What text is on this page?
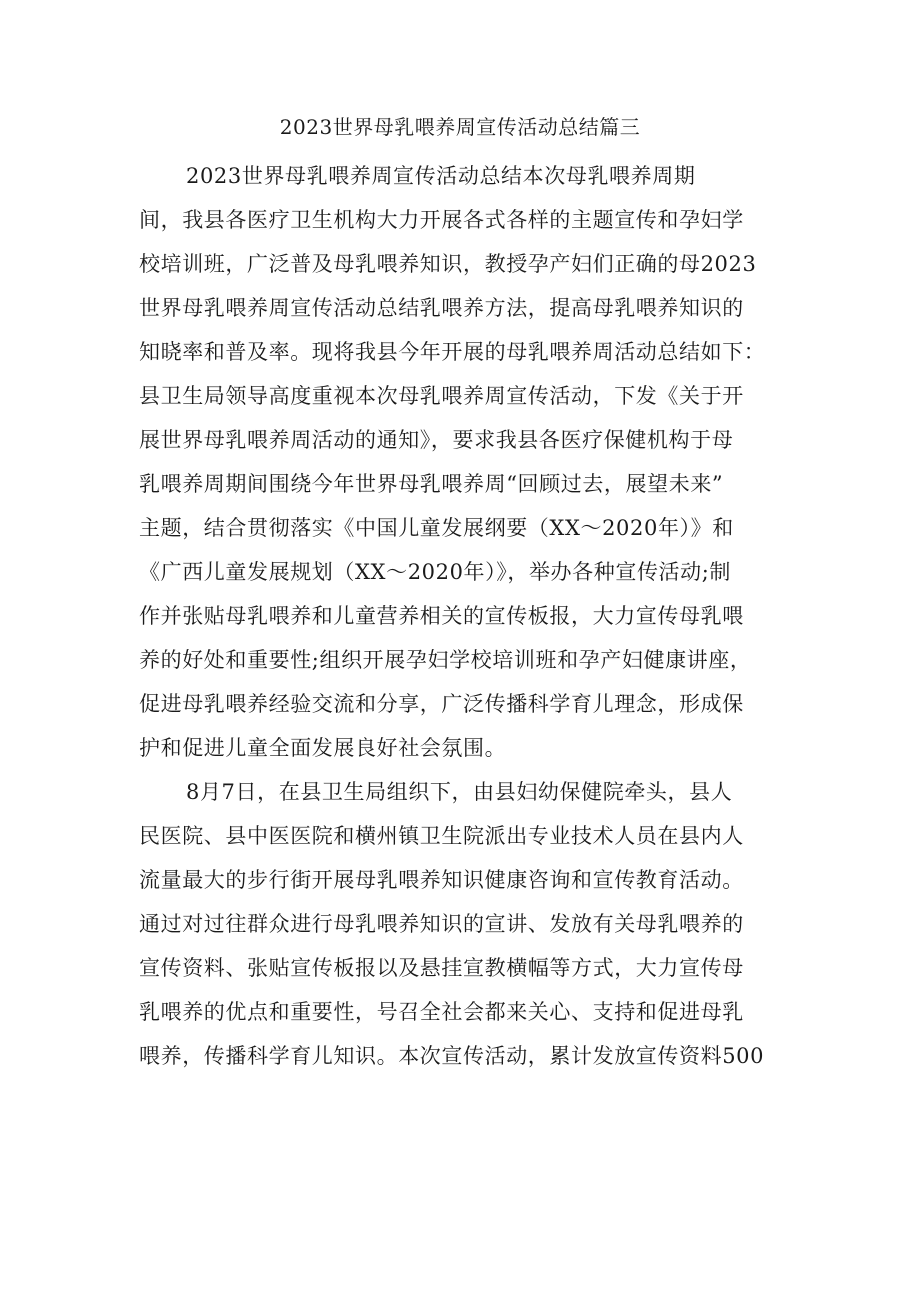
2023世界母乳喂养周宣传活动总结篇三
2023世界母乳喂养周宣传活动总结本次母乳喂养周期
间，我县各医疗卫生机构大力开展各式各样的主题宣传和孕妇学
校培训班，广泛普及母乳喂养知识，教授孕产妇们正确的母2023
世界母乳喂养周宣传活动总结乳喂养方法，提高母乳喂养知识的
知晓率和普及率。现将我县今年开展的母乳喂养周活动总结如下：
县卫生局领导高度重视本次母乳喂养周宣传活动，下发《关于开
展世界母乳喂养周活动的通知》，要求我县各医疗保健机构于母
乳喂养周期间围绕今年世界母乳喂养周“回顾过去，展望未来”
主题，结合贯彻落实《中国儿童发展纲要（XX～2020年）》和
《广西儿童发展规划（XX～2020年）》，举办各种宣传活动;制
作并张贴母乳喂养和儿童营养相关的宣传板报，大力宣传母乳喂
养的好处和重要性;组织开展孕妇学校培训班和孕产妇健康讲座，
促进母乳喂养经验交流和分享，广泛传播科学育儿理念，形成保
护和促进儿童全面发展良好社会氛围。
8月7日，在县卫生局组织下，由县妇幼保健院牵头，县人
民医院、县中医医院和横州镇卫生院派出专业技术人员在县内人
流量最大的步行街开展母乳喂养知识健康咨询和宣传教育活动。
通过对过往群众进行母乳喂养知识的宣讲、发放有关母乳喂养的
宣传资料、张贴宣传板报以及悬挂宣教横幅等方式，大力宣传母
乳喂养的优点和重要性，号召全社会都来关心、支持和促进母乳
喂养，传播科学育儿知识。本次宣传活动，累计发放宣传资料500
